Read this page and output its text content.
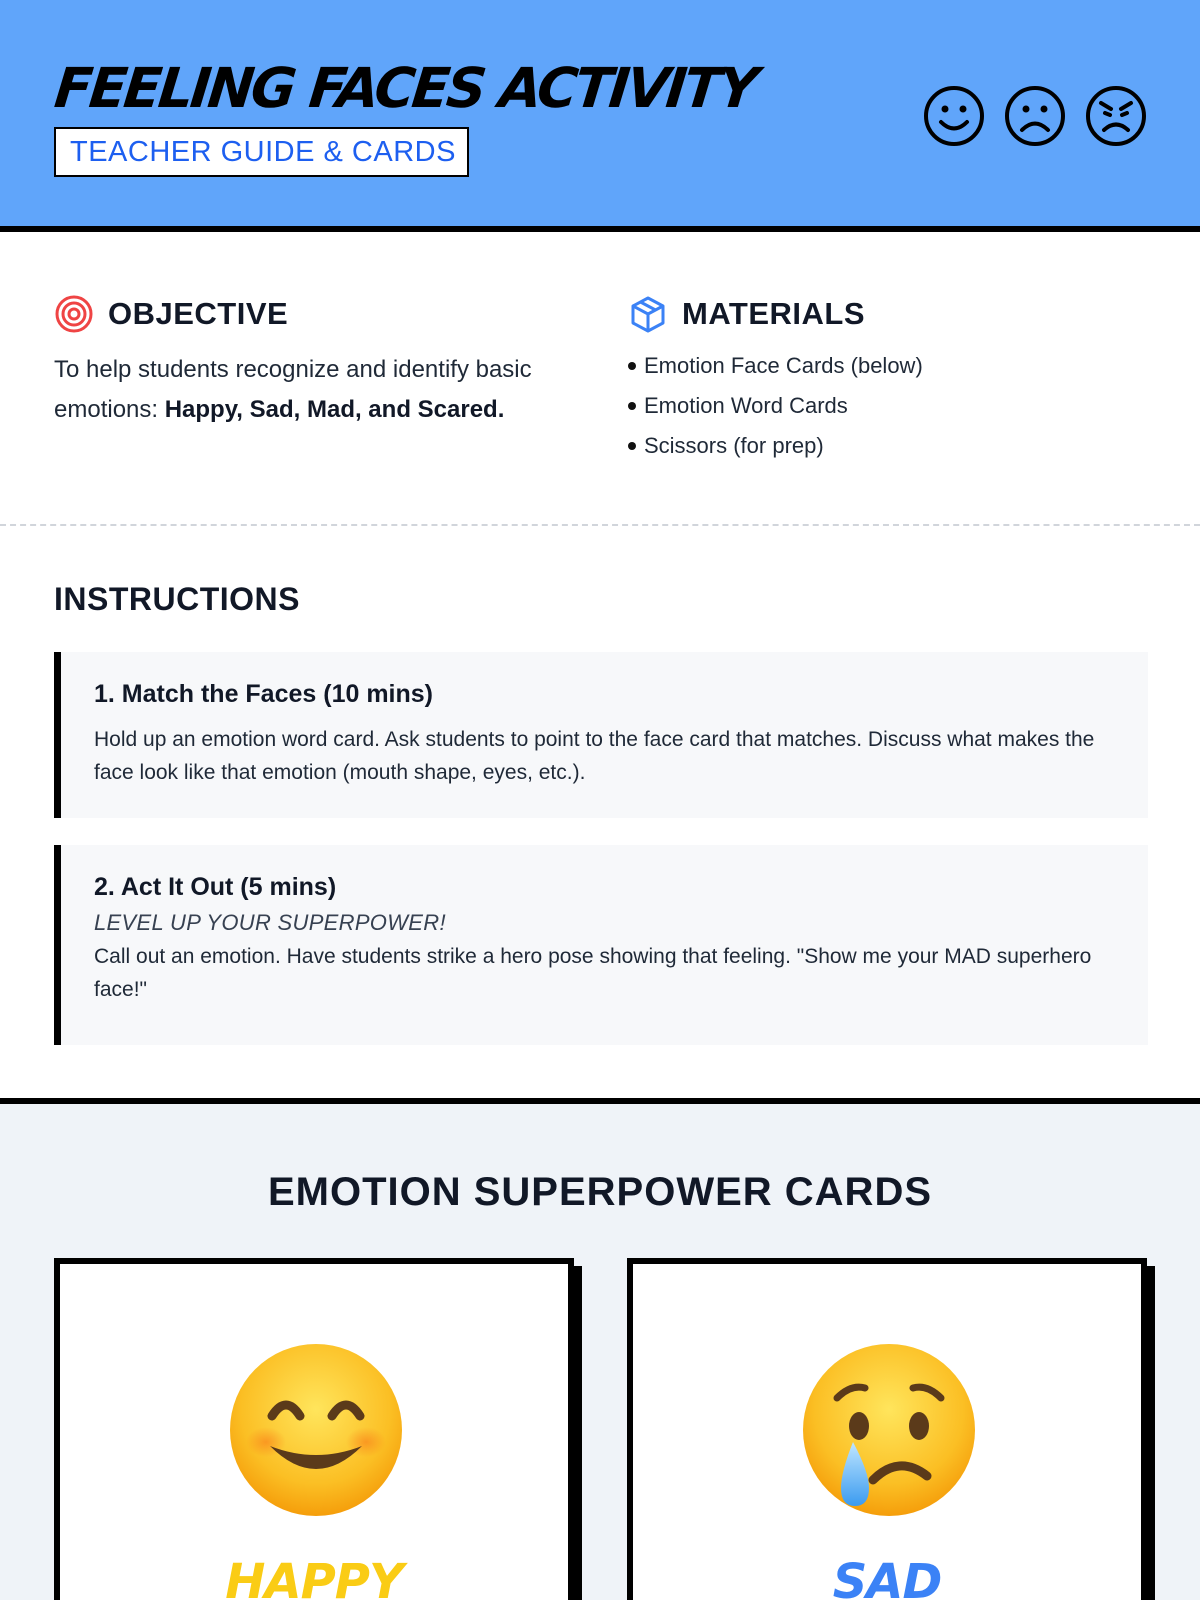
FEELING FACES ACTIVITY
TEACHER GUIDE & CARDS
OBJECTIVE
To help students recognize and identify basic emotions: Happy, Sad, Mad, and Scared.
MATERIALS
Emotion Face Cards (below)
Emotion Word Cards
Scissors (for prep)
INSTRUCTIONS
1. Match the Faces (10 mins)
Hold up an emotion word card. Ask students to point to the face card that matches. Discuss what makes the face look like that emotion (mouth shape, eyes, etc.).
2. Act It Out (5 mins)
LEVEL UP YOUR SUPERPOWER!
Call out an emotion. Have students strike a hero pose showing that feeling. "Show me your MAD superhero face!"
EMOTION SUPERPOWER CARDS
HAPPY	SAD
